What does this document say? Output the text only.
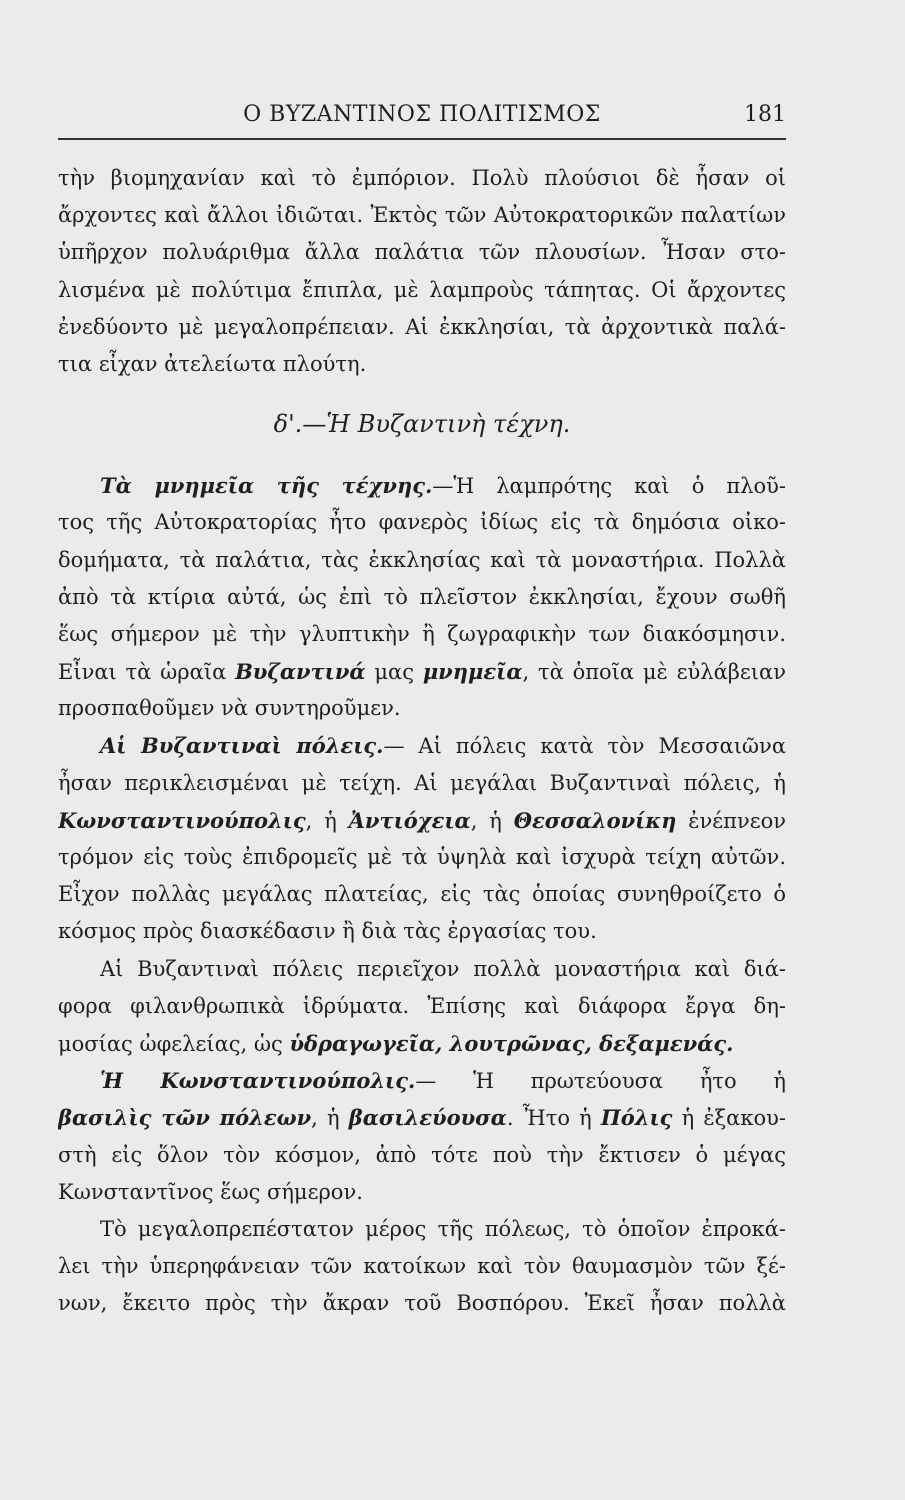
Ο ΒΥΖΑΝΤΙΝΟΣ ΠΟΛΙΤΙΣΜΟΣ	181
τὴν βιομηχανίαν καὶ τὸ ἐμπόριον. Πολὺ πλούσιοι δὲ ἦσαν οἱ
ἄρχοντες καὶ ἄλλοι ἰδιῶται. Ἐκτὸς τῶν Αὐτοκρατορικῶν παλατίων
ὑπῆρχον πολυάριθμα ἄλλα παλάτια τῶν πλουσίων. Ἦσαν στο-
λισμένα μὲ πολύτιμα ἔπιπλα, μὲ λαμπροὺς τάπητας. Οἱ ἄρχοντες
ἐνεδύοντο μὲ μεγαλοπρέπειαν. Αἱ ἐκκλησίαι, τὰ ἀρχοντικὰ παλά-
τια εἶχαν ἀτελείωτα πλούτη.
δ'.—Ἡ Βυζαντινὴ τέχνη.
Τὰ μνημεῖα τῆς τέχνης.—Ἡ λαμπρότης καὶ ὁ πλοῦ-
τος τῆς Αὐτοκρατορίας ἦτο φανερὸς ἰδίως εἰς τὰ δημόσια οἰκο-
δομήματα, τὰ παλάτια, τὰς ἐκκλησίας καὶ τὰ μοναστήρια. Πολλὰ
ἀπὸ τὰ κτίρια αὐτά, ὡς ἐπὶ τὸ πλεῖστον ἐκκλησίαι, ἔχουν σωθῆ
ἕως σήμερον μὲ τὴν γλυπτικὴν ἢ ζωγραφικὴν των διακόσμησιν.
Εἶναι τὰ ὡραῖα Βυζαντινά μας μνημεῖα, τὰ ὁποῖα μὲ εὐλάβειαν
προσπαθοῦμεν νὰ συντηροῦμεν.
Αἱ Βυζαντιναὶ πόλεις.— Αἱ πόλεις κατὰ τὸν Μεσσαιῶνα
ἦσαν περικλεισμέναι μὲ τείχη. Αἱ μεγάλαι Βυζαντιναὶ πόλεις, ἡ
Κωνσταντινούπολις, ἡ Ἀντιόχεια, ἡ Θεσσαλονίκη ἐνέπνεον
τρόμον εἰς τοὺς ἐπιδρομεῖς μὲ τὰ ὑψηλὰ καὶ ἰσχυρὰ τείχη αὐτῶν.
Εἶχον πολλὰς μεγάλας πλατείας, εἰς τὰς ὁποίας συνηθροίζετο ὁ
κόσμος πρὸς διασκέδασιν ἢ διὰ τὰς ἐργασίας του.
Αἱ Βυζαντιναὶ πόλεις περιεῖχον πολλὰ μοναστήρια καὶ διά-
φορα φιλανθρωπικὰ ἱδρύματα. Ἐπίσης καὶ διάφορα ἔργα δη-
μοσίας ὠφελείας, ὡς ὑδραγωγεῖα, λουτρῶνας, δεξαμενάς.
Ἡ Κωνσταντινούπολις.— Ἡ πρωτεύουσα ἦτο ἡ
βασιλὶς τῶν πόλεων, ἡ βασιλεύουσα. Ἦτο ἡ Πόλις ἡ ἐξακου-
στὴ εἰς ὅλον τὸν κόσμον, ἀπὸ τότε ποὺ τὴν ἔκτισεν ὁ μέγας
Κωνσταντῖνος ἕως σήμερον.
Τὸ μεγαλοπρεπέστατον μέρος τῆς πόλεως, τὸ ὁποῖον ἐπροκά-
λει τὴν ὑπερηφάνειαν τῶν κατοίκων καὶ τὸν θαυμασμὸν τῶν ξέ-
νων, ἔκειτο πρὸς τὴν ἄκραν τοῦ Βοσπόρου. Ἐκεῖ ἦσαν πολλὰ
